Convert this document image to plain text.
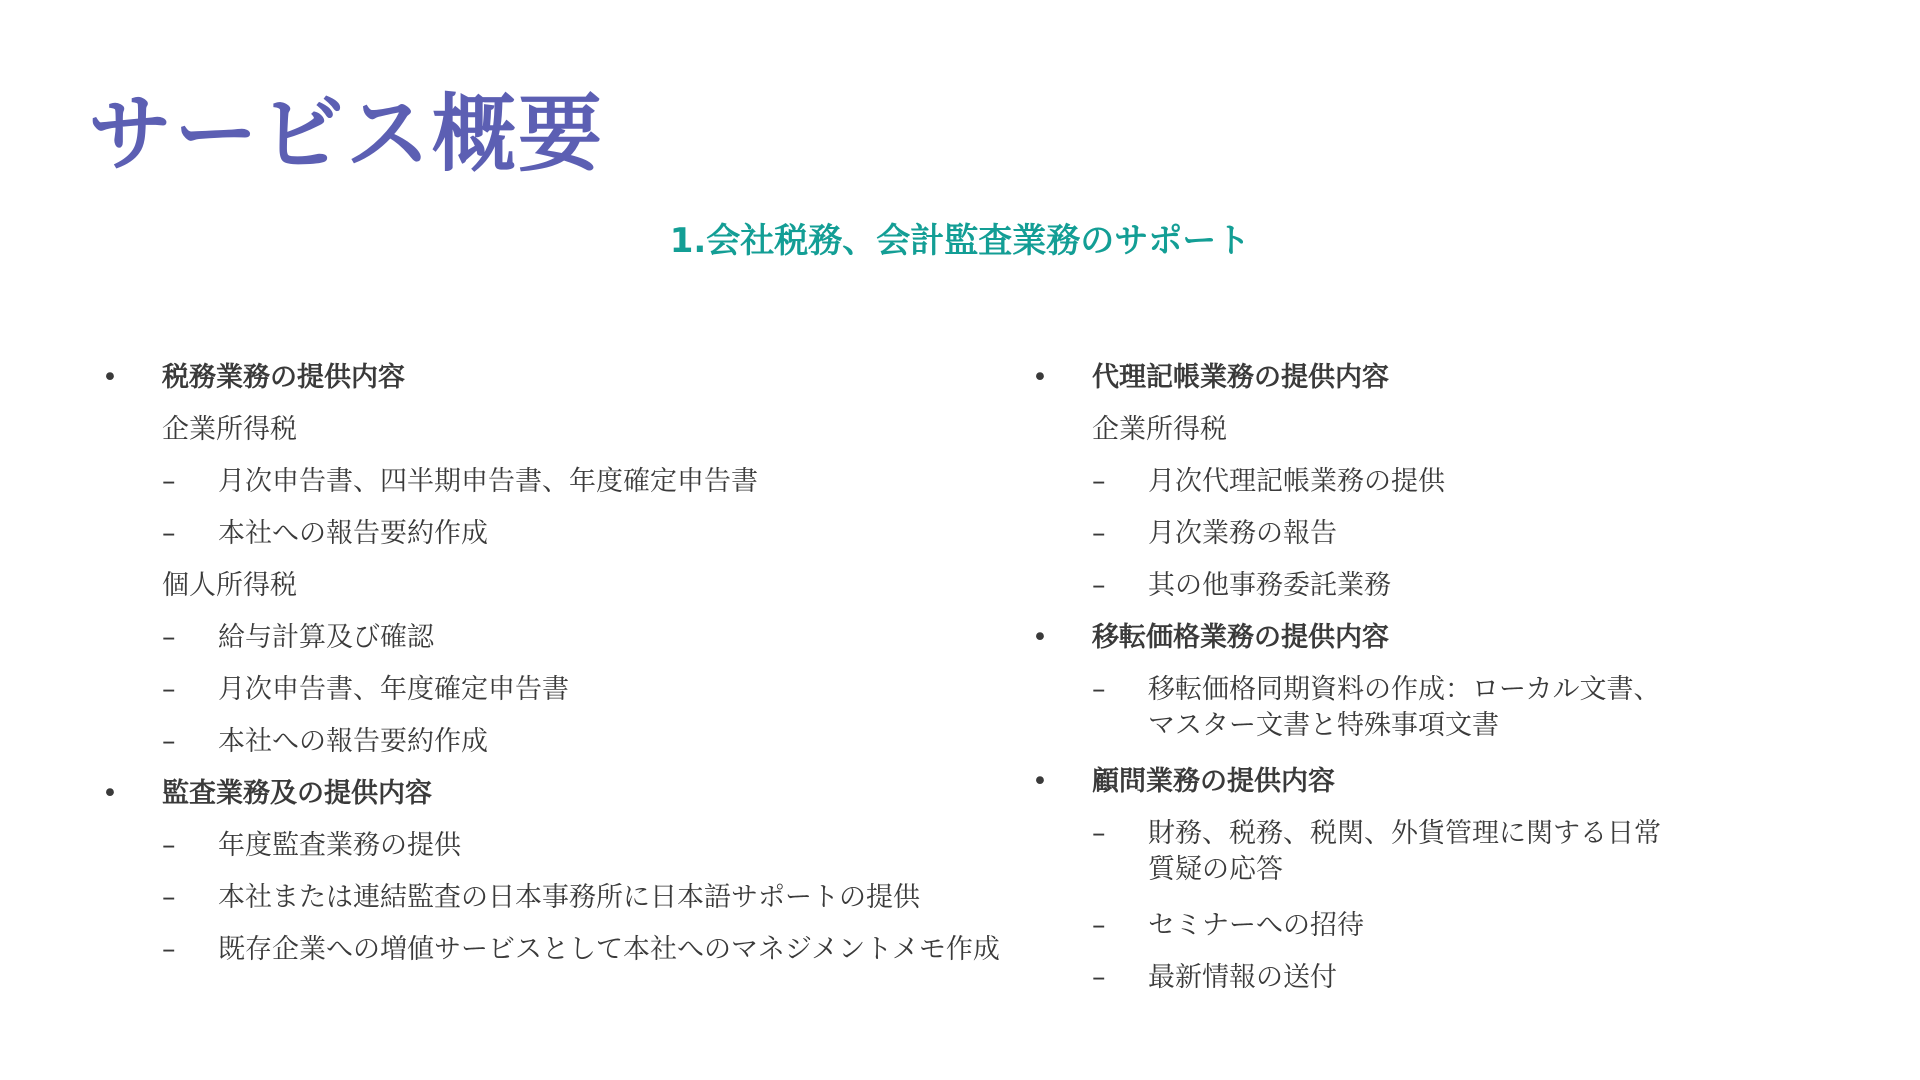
サービス概要
1.会社税務、会計監査業務のサポート
• 税務業務の提供内容
企業所得税
–	月次申告書、四半期申告書、年度確定申告書
–	本社への報告要約作成
個人所得税
–	給与計算及び確認
–	月次申告書、年度確定申告書
–	本社への報告要約作成
• 監査業務及の提供内容
–	年度監査業務の提供
–	本社または連結監査の日本事務所に日本語サポートの提供
–	既存企業への増値サービスとして本社へのマネジメントメモ作成
• 代理記帳業務の提供内容
企業所得税
–	月次代理記帳業務の提供
–	月次業務の報告
–	其の他事務委託業務
• 移転価格業務の提供内容
–	移転価格同期資料の作成：ローカル文書、
マスター文書と特殊事項文書
• 顧問業務の提供内容
–	財務、税務、税関、外貨管理に関する日常
質疑の応答
–	セミナーへの招待
–	最新情報の送付
